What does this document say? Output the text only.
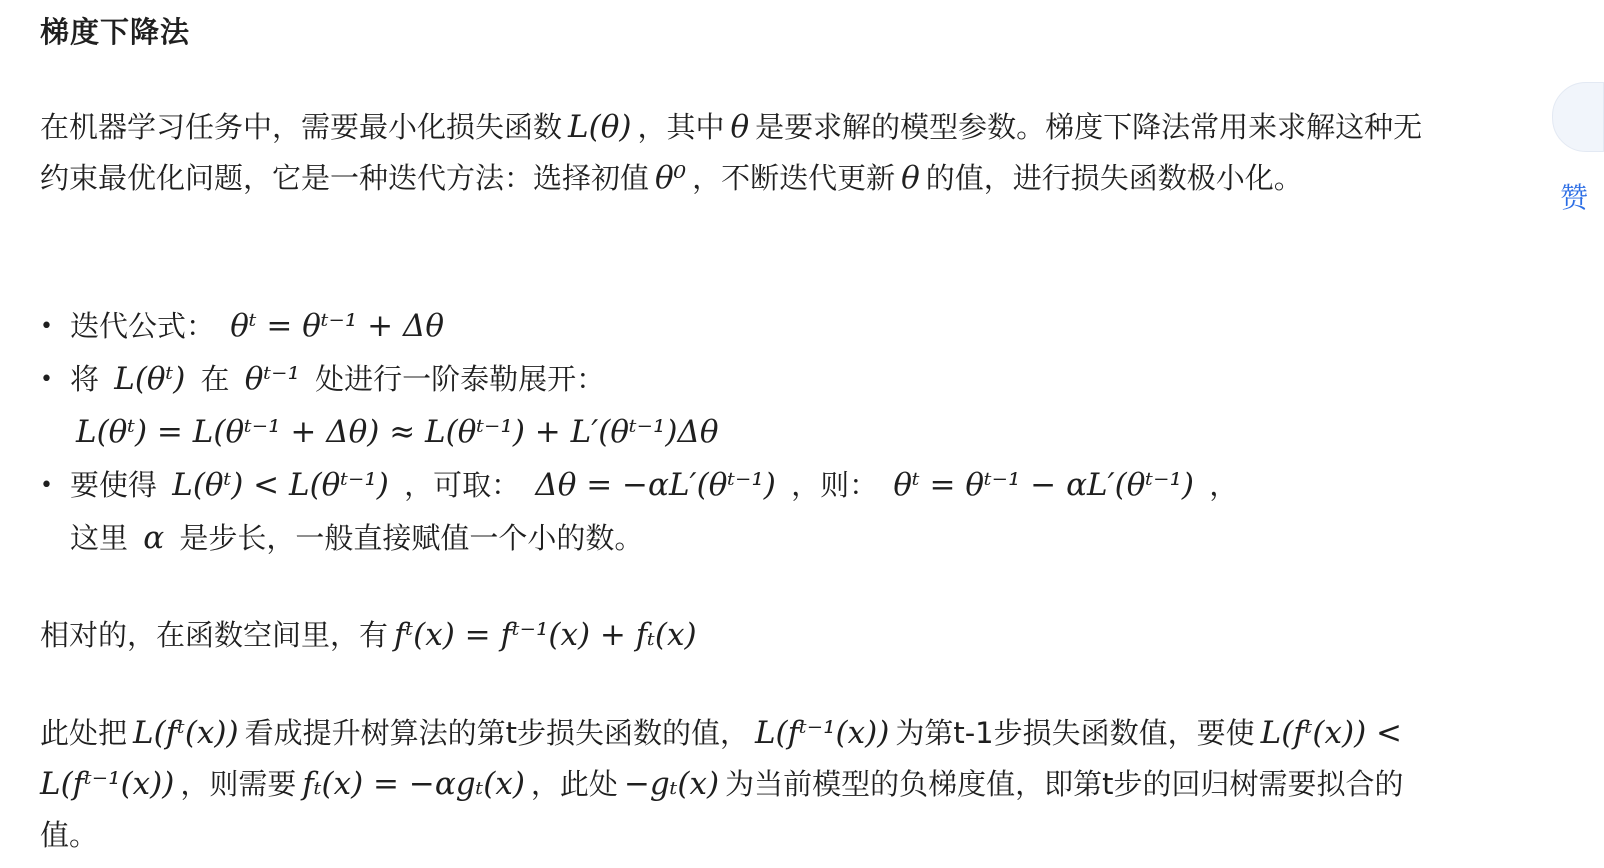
梯度下降法

在机器学习任务中，需要最小化损失函数 L(θ) ，其中 θ 是要求解的模型参数。梯度下降法常用来求解这种无约束最优化问题，它是一种迭代方法：选择初值 θ⁰ ，不断迭代更新 θ 的值，进行损失函数极小化。

• 迭代公式： θᵗ = θᵗ⁻¹ + Δθ
• 将 L(θᵗ) 在 θᵗ⁻¹ 处进行一阶泰勒展开：
L(θᵗ) = L(θᵗ⁻¹ + Δθ) ≈ L(θᵗ⁻¹) + L′(θᵗ⁻¹)Δθ
• 要使得 L(θᵗ) < L(θᵗ⁻¹) ，可取： Δθ = −αL′(θᵗ⁻¹) ，则： θᵗ = θᵗ⁻¹ − αL′(θᵗ⁻¹) ，
这里 α 是步长，一般直接赋值一个小的数。

相对的，在函数空间里，有 fᵗ(x) = fᵗ⁻¹(x) + fₜ(x)

此处把 L(fᵗ(x)) 看成提升树算法的第t步损失函数的值， L(fᵗ⁻¹(x)) 为第t-1步损失函数值，要使 L(fᵗ(x)) < L(fᵗ⁻¹(x)) ，则需要 fₜ(x) = −αgₜ(x) ，此处 −gₜ(x) 为当前模型的负梯度值，即第t步的回归树需要拟合的值。

赞
